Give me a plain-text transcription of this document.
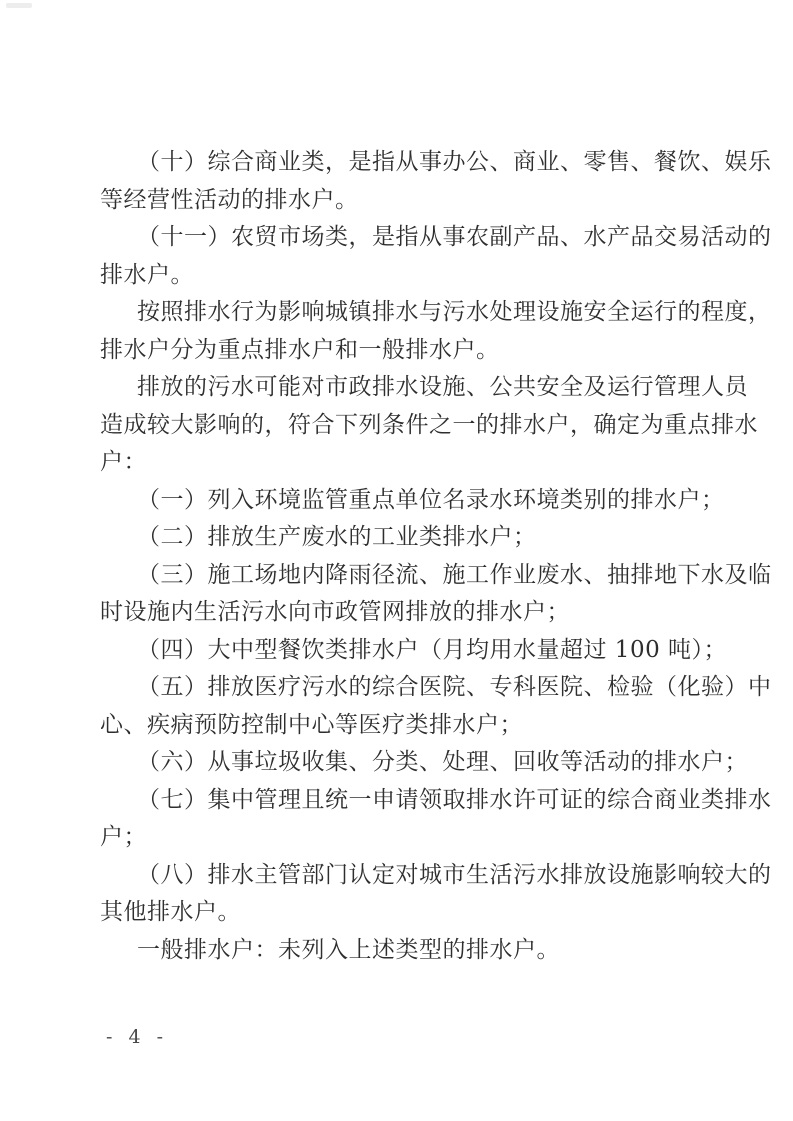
（十）综合商业类，是指从事办公、商业、零售、餐饮、娱乐
等经营性活动的排水户。
（十一）农贸市场类，是指从事农副产品、水产品交易活动的
排水户。
按照排水行为影响城镇排水与污水处理设施安全运行的程度，
排水户分为重点排水户和一般排水户。
排放的污水可能对市政排水设施、公共安全及运行管理人员
造成较大影响的，符合下列条件之一的排水户，确定为重点排水
户：
（一）列入环境监管重点单位名录水环境类别的排水户；
（二）排放生产废水的工业类排水户；
（三）施工场地内降雨径流、施工作业废水、抽排地下水及临
时设施内生活污水向市政管网排放的排水户；
（四）大中型餐饮类排水户（月均用水量超过 100 吨）；
（五）排放医疗污水的综合医院、专科医院、检验（化验）中
心、疾病预防控制中心等医疗类排水户；
（六）从事垃圾收集、分类、处理、回收等活动的排水户；
（七）集中管理且统一申请领取排水许可证的综合商业类排水
户；
（八）排水主管部门认定对城市生活污水排放设施影响较大的
其他排水户。
一般排水户：未列入上述类型的排水户。
- 4 -
